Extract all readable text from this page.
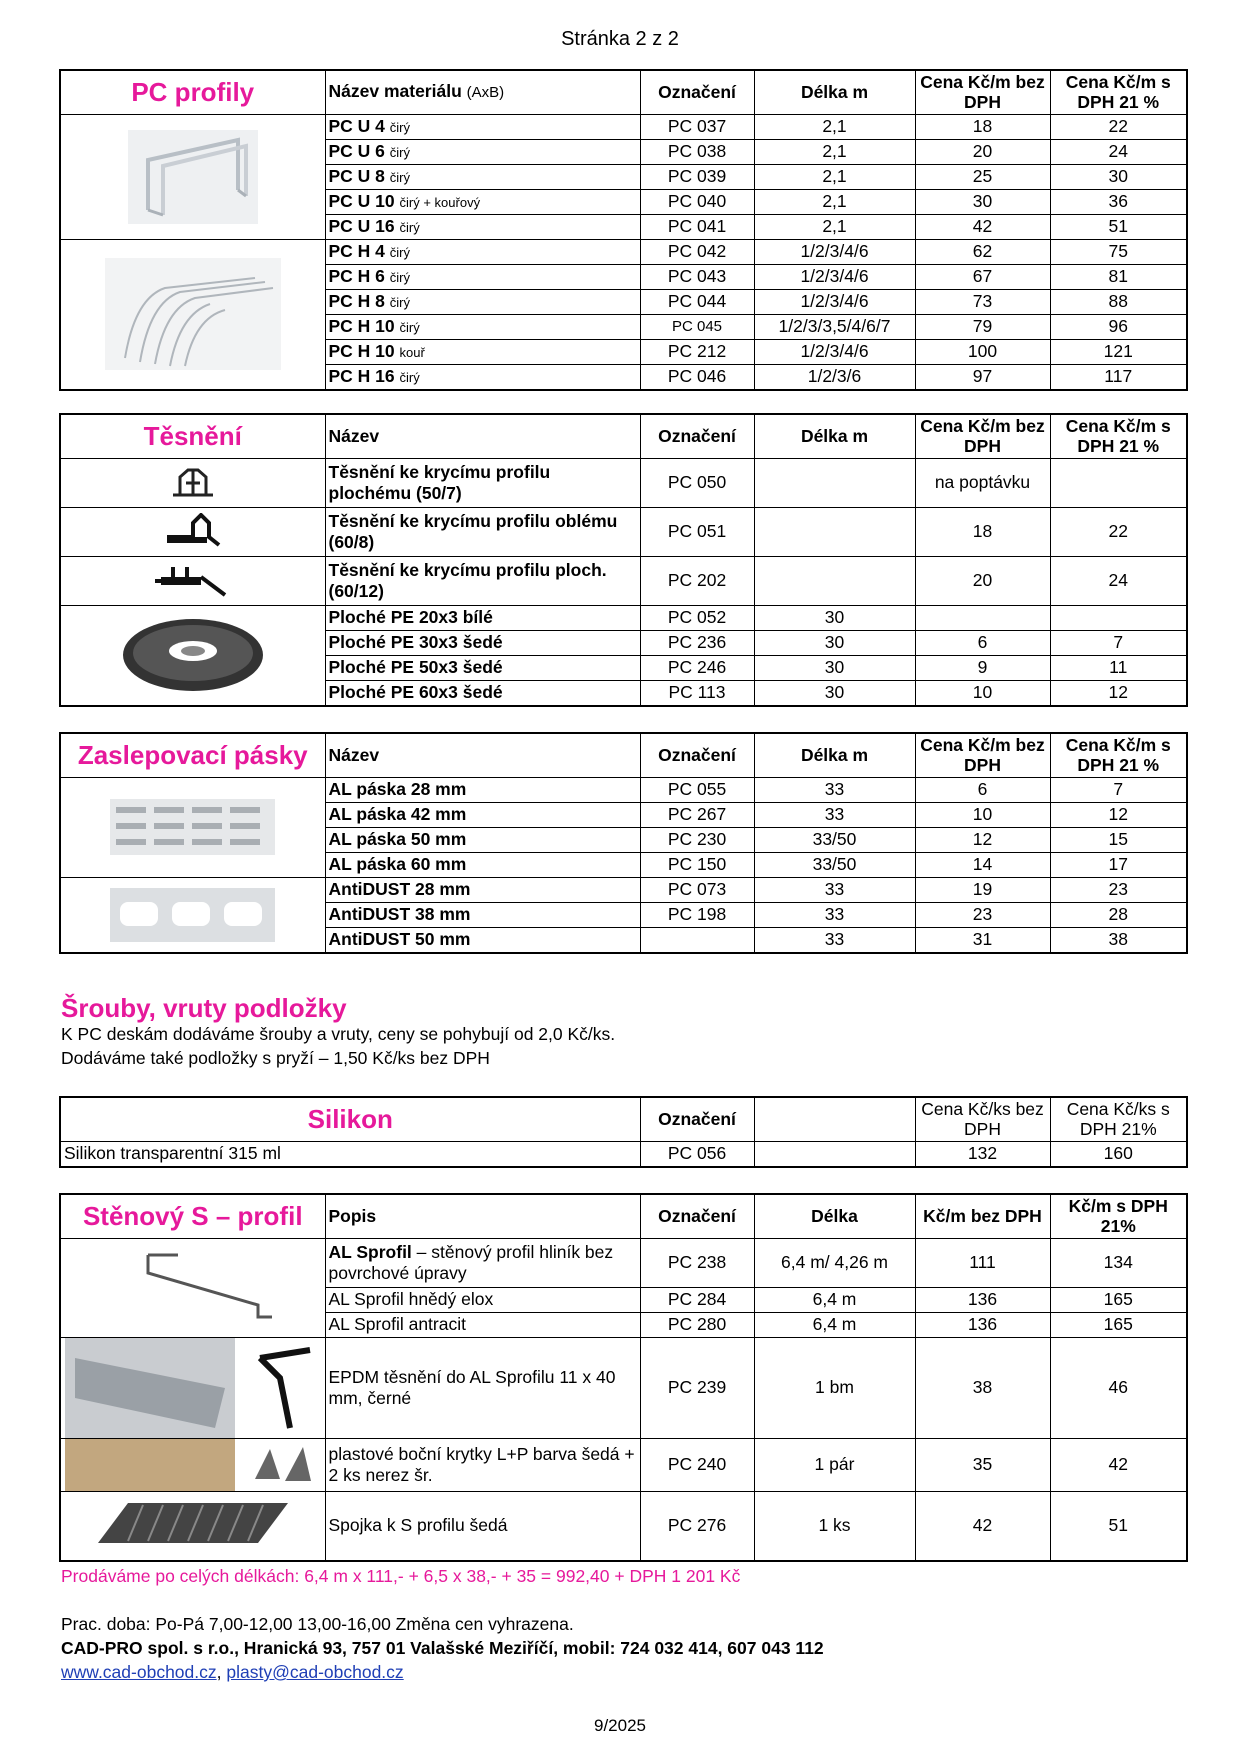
Stránka 2 z 2
PC profily	Název materiálu (AxB)	Označení	Délka m	Cena Kč/m bez DPH	Cena Kč/m s DPH 21 %

	PC U 4 čirý	PC 037	2,1	18	22
	PC U 6 čirý	PC 038	2,1	20	24
	PC U 8 čirý	PC 039	2,1	25	30
	PC U 10 čirý + kouřový	PC 040	2,1	30	36
	PC U 16 čirý	PC 041	2,1	42	51

	PC H 4 čirý	PC 042	1/2/3/4/6	62	75
	PC H 6 čirý	PC 043	1/2/3/4/6	67	81
	PC H 8 čirý	PC 044	1/2/3/4/6	73	88
	PC H 10 čirý	PC 045	1/2/3/3,5/4/6/7	79	96
	PC H 10 kouř	PC 212	1/2/3/4/6	100	121
	PC H 16 čirý	PC 046	1/2/3/6	97	117
Těsnění	Název	Označení	Délka m	Cena Kč/m bez DPH	Cena Kč/m s DPH 21 %

	Těsnění ke krycímu profilu plochému (50/7)	PC 050		na poptávku	

	Těsnění ke krycímu profilu oblému (60/8)	PC 051		18	22

	Těsnění ke krycímu profilu ploch. (60/12)	PC 202		20	24

	Ploché PE 20x3 bílé	PC 052	30		
	Ploché PE 30x3 šedé	PC 236	30	6	7
	Ploché PE 50x3 šedé	PC 246	30	9	11
	Ploché PE 60x3 šedé	PC 113	30	10	12
Zaslepovací pásky	Název	Označení	Délka m	Cena Kč/m bez DPH	Cena Kč/m s DPH 21 %

	AL páska 28 mm	PC 055	33	6	7
	AL páska 42 mm	PC 267	33	10	12
	AL páska 50 mm	PC 230	33/50	12	15
	AL páska 60 mm	PC 150	33/50	14	17

	AntiDUST 28 mm	PC 073	33	19	23
	AntiDUST 38 mm	PC 198	33	23	28
	AntiDUST 50 mm		33	31	38
Šrouby, vruty podložky
K PC deskám dodáváme šrouby a vruty, ceny se pohybují od 2,0 Kč/ks.
Dodáváme také podložky s pryží – 1,50 Kč/ks bez DPH
Silikon	Označení		Cena Kč/ks bez DPH	Cena Kč/ks s DPH 21%
Silikon transparentní 315 ml	PC 056		132	160
Stěnový S – profil	Popis	Označení	Délka	Kč/m bez DPH	Kč/m s DPH 21%

	AL Sprofil – stěnový profil hliník bez povrchové úpravy	PC 238	6,4 m/ 4,26 m	111	134
	AL Sprofil hnědý elox	PC 284	6,4 m	136	165
	AL Sprofil antracit	PC 280	6,4 m	136	165

	EPDM těsnění do AL Sprofilu 11 x 40 mm, černé	PC 239	1 bm	38	46

	plastové boční krytky L+P barva šedá + 2 ks nerez šr.	PC 240	1 pár	35	42

	Spojka k S profilu šedá	PC 276	1 ks	42	51
Prodáváme po celých délkách: 6,4 m x 111,- + 6,5 x 38,- + 35 = 992,40 + DPH 1 201 Kč
Prac. doba: Po-Pá 7,00-12,00 13,00-16,00 Změna cen vyhrazena.
CAD-PRO spol. s r.o., Hranická 93, 757 01 Valašské Meziříčí, mobil: 724 032 414, 607 043 112
www.cad-obchod.cz, plasty@cad-obchod.cz
9/2025
